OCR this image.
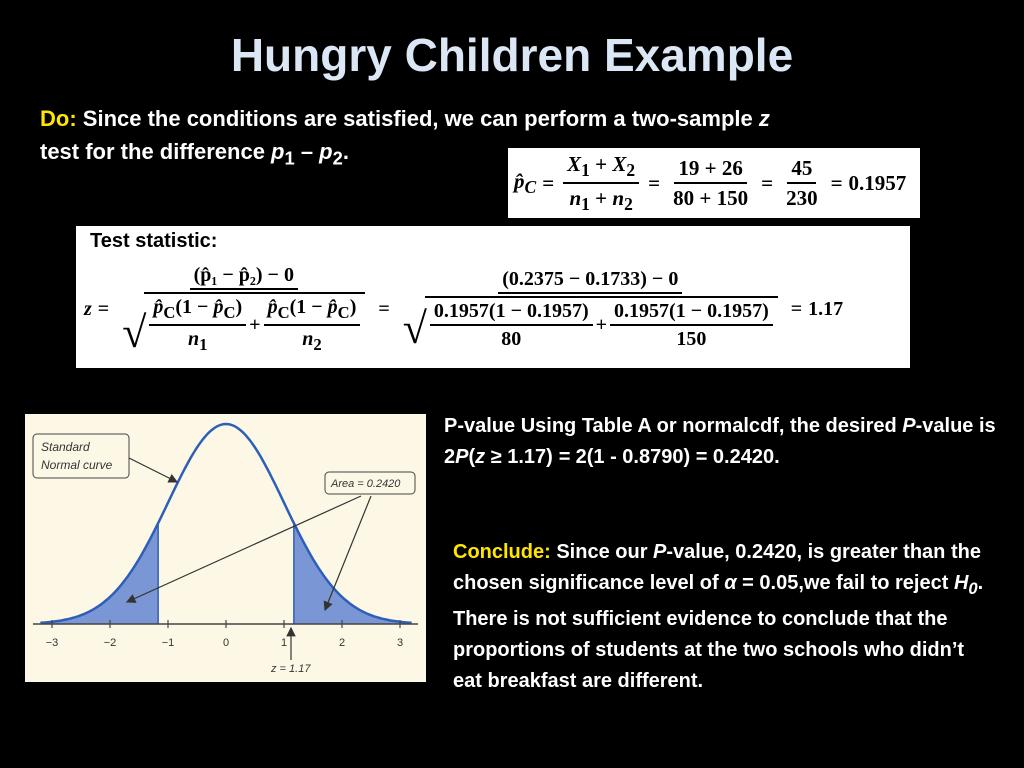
Hungry Children Example
Do: Since the conditions are satisfied, we can perform a two-sample z
test for the difference $p_1 - p_2$.
$p̂_C = \frac{X_1 + X_2}{n_1 + n_2} = \frac{19 + 26}{80 + 150} = \frac{45}{230} = 0.1957$
Test statistic:
z =
(p̂₁ − p̂₂) − 0
√ $\frac{p̂_C(1 - p̂_C)}{n_1} + \frac{p̂_C(1 - p̂_C)}{n_2}$ =
(0.2375 − 0.1733) − 0
√ $\frac{0.1957(1 - 0.1957)}{80} + \frac{0.1957(1 - 0.1957)}{150} = 1.17$
−3	−2	−1	0	1	2	3
Standard
Normal curve
Area = 0.2420
z = 1.17
P-value Using Table A or normalcdf, the desired P-value is
2P(z ≥ 1.17) = 2(1 - 0.8790) = 0.2420.
Conclude: Since our P-value, 0.2420, is greater than the chosen significance level of α = 0.05,we fail to reject $H_0$. There is not sufficient evidence to conclude that the proportions of students at the two schools who didn’t eat breakfast are different.
